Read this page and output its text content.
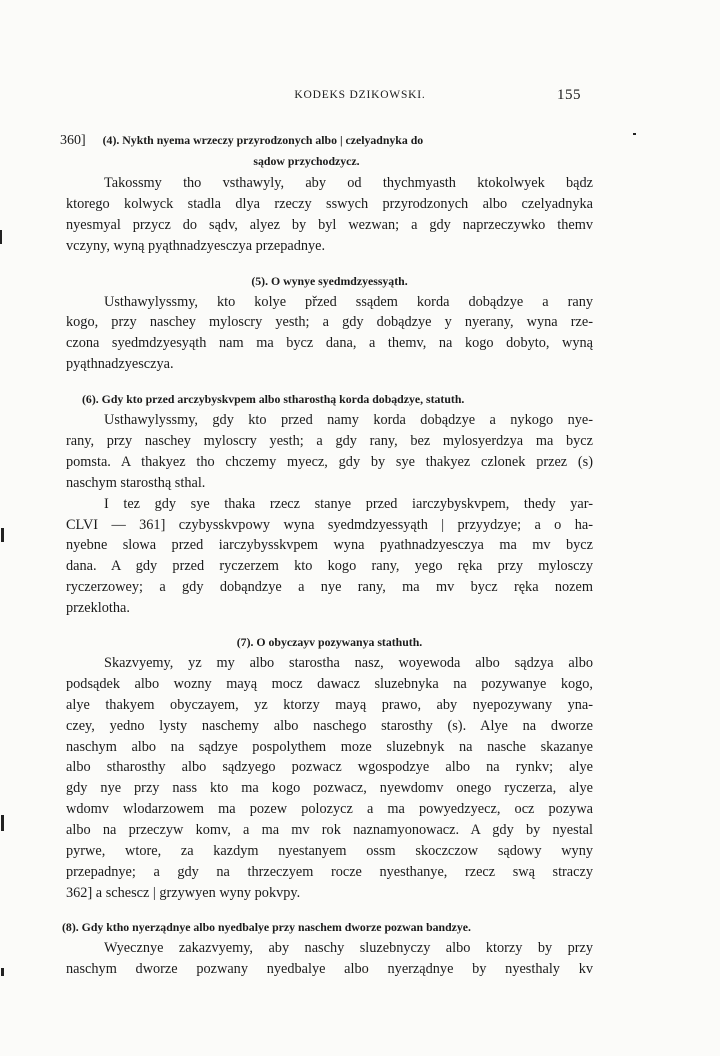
KODEKS DZIKOWSKI.	155
360] (4). Nykth nyema wrzeczy przyrodzonych albo | czelyadnyka do
sądow przychodzycz.
Takossmy tho vsthawyly, aby od thychmyasth ktokolwyek bądz
ktorego kolwyck stadla dlya rzeczy sswych przyrodzonych albo czelyadnyka
nyesmyal przycz do sądv, alyez by byl wezwan; a gdy naprzeczywko themv
vczyny, wyną pyąthnadzyesczya przepadnye.
(5). O wynye syedmdzyessyąth.
Usthawylyssmy, kto kolye přzed ssądem korda dobądzye a rany
kogo, przy naschey myloscry yesth; a gdy dobądzye y nyerany, wyna rze-
czona syedmdzyesyąth nam ma bycz dana, a themv, na kogo dobyto, wyną
pyąthnadzyesczya.
(6). Gdy kto przed arczybyskvpem albo stharosthą korda dobądzye, statuth.
Usthawylyssmy, gdy kto przed namy korda dobądzye a nykogo nye-
rany, przy naschey myloscry yesth; a gdy rany, bez mylosyerdzya ma bycz
pomsta. A thakyez tho chczemy myecz, gdy by sye thakyez czlonek przez (s)
naschym starosthą sthal.
I tez gdy sye thaka rzecz stanye przed iarczybyskvpem, thedy yar-
CLVI — 361] czybysskvpowy wyna syedmdzyessyąth | przyydzye; a o ha-
nyebne slowa przed iarczybysskvpem wyna pyathnadzyesczya ma mv bycz
dana. A gdy przed ryczerzem kto kogo rany, yego ręka przy mylosczy
ryczerzowey; a gdy dobąndzye a nye rany, ma mv bycz ręka nozem
przeklotha.
(7). O obyczayv pozywanya stathuth.
Skazvyemy, yz my albo starostha nasz, woyewoda albo sądzya albo
podsądek albo wozny mayą mocz dawacz sluzebnyka na pozywanye kogo,
alye thakyem obyczayem, yz ktorzy mayą prawo, aby nyepozywany yna-
czey, yedno lysty naschemy albo naschego starosthy (s). Alye na dworze
naschym albo na sądzye pospolythem moze sluzebnyk na nasche skazanye
albo stharosthy albo sądzyego pozwacz wgospodzye albo na rynkv; alye
gdy nye przy nass kto ma kogo pozwacz, nyewdomv onego ryczerza, alye
wdomv wlodarzowem ma pozew polozycz a ma powyedzyecz, ocz pozywa
albo na przeczyw komv, a ma mv rok naznamyonowacz. A gdy by nyestal
pyrwe, wtore, za kazdym nyestanyem ossm skoczczow sądowy wyny
przepadnye; a gdy na thrzeczyem rocze nyesthanye, rzecz swą straczy
362] a schescz | grzywyen wyny pokvpy.
(8). Gdy ktho nyerządnye albo nyedbalye przy naschem dworze pozwan bandzye.
Wyecznye zakazvyemy, aby naschy sluzebnyczy albo ktorzy by przy
naschym dworze pozwany nyedbalye albo nyerządnye by nyesthaly kv
